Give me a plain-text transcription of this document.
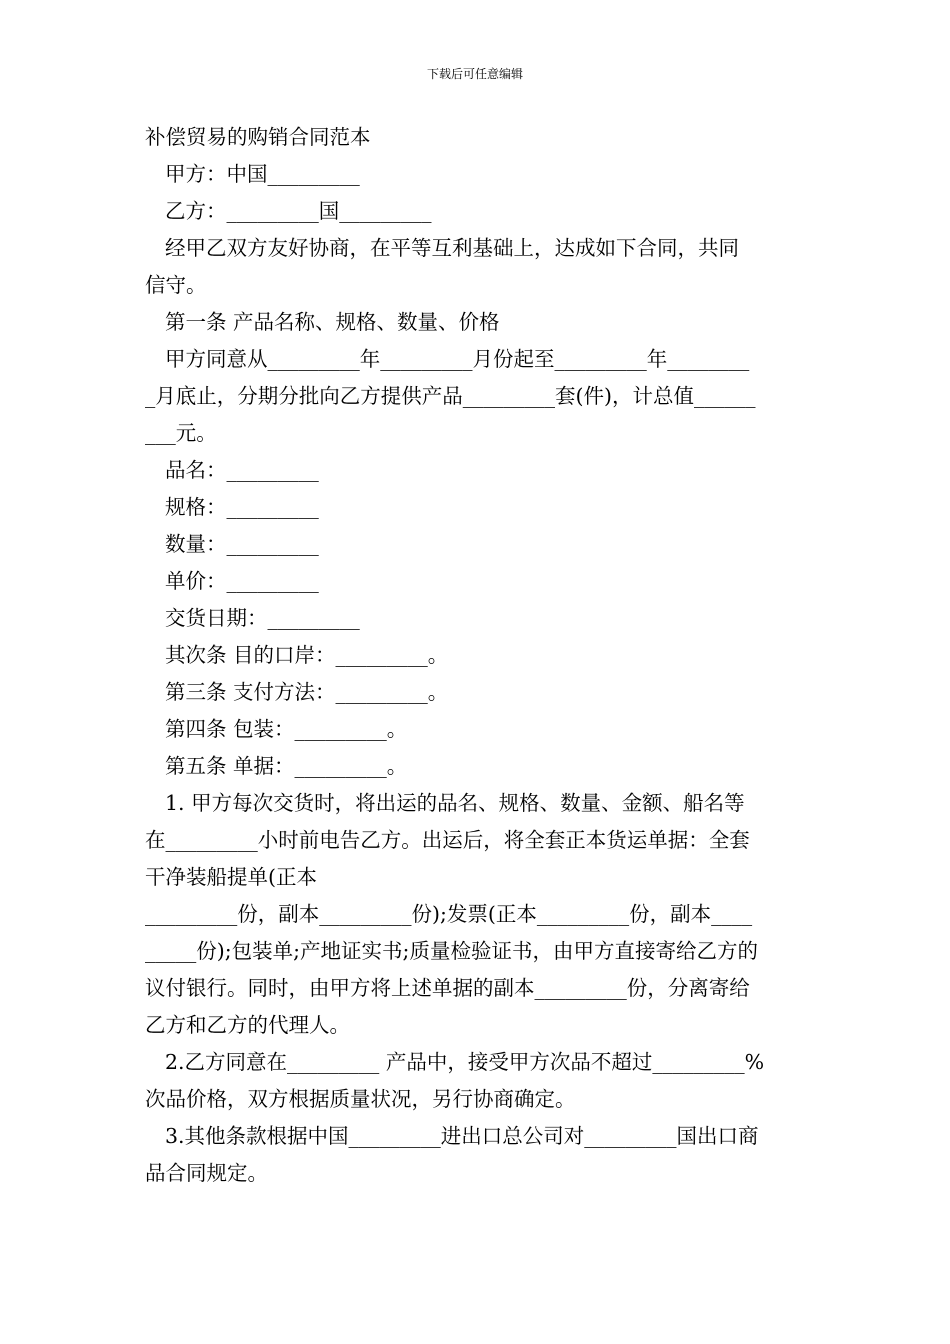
下载后可任意编辑

补偿贸易的购销合同范本

甲方：中国_________

乙方：_________国_________

经甲乙双方友好协商，在平等互利基础上，达成如下合同，共同

信守。

第一条 产品名称、规格、数量、价格

甲方同意从_________年_________月份起至_________年________

_月底止，分期分批向乙方提供产品_________套(件)，计总值______

___元。

品名：_________

规格：_________

数量：_________

单价：_________

交货日期：_________

其次条 目的口岸：_________。

第三条 支付方法：_________。

第四条 包装：_________。

第五条 单据：_________。

1. 甲方每次交货时，将出运的品名、规格、数量、金额、船名等

在_________小时前电告乙方。出运后，将全套正本货运单据：全套

干净装船提单(正本

_________份，副本_________份);发票(正本_________份，副本____

_____份);包装单;产地证实书;质量检验证书，由甲方直接寄给乙方的

议付银行。同时，由甲方将上述单据的副本_________份，分离寄给

乙方和乙方的代理人。

2.乙方同意在_________ 产品中，接受甲方次品不超过_________%

次品价格，双方根据质量状况，另行协商确定。

3.其他条款根据中国_________进出口总公司对_________国出口商

品合同规定。
